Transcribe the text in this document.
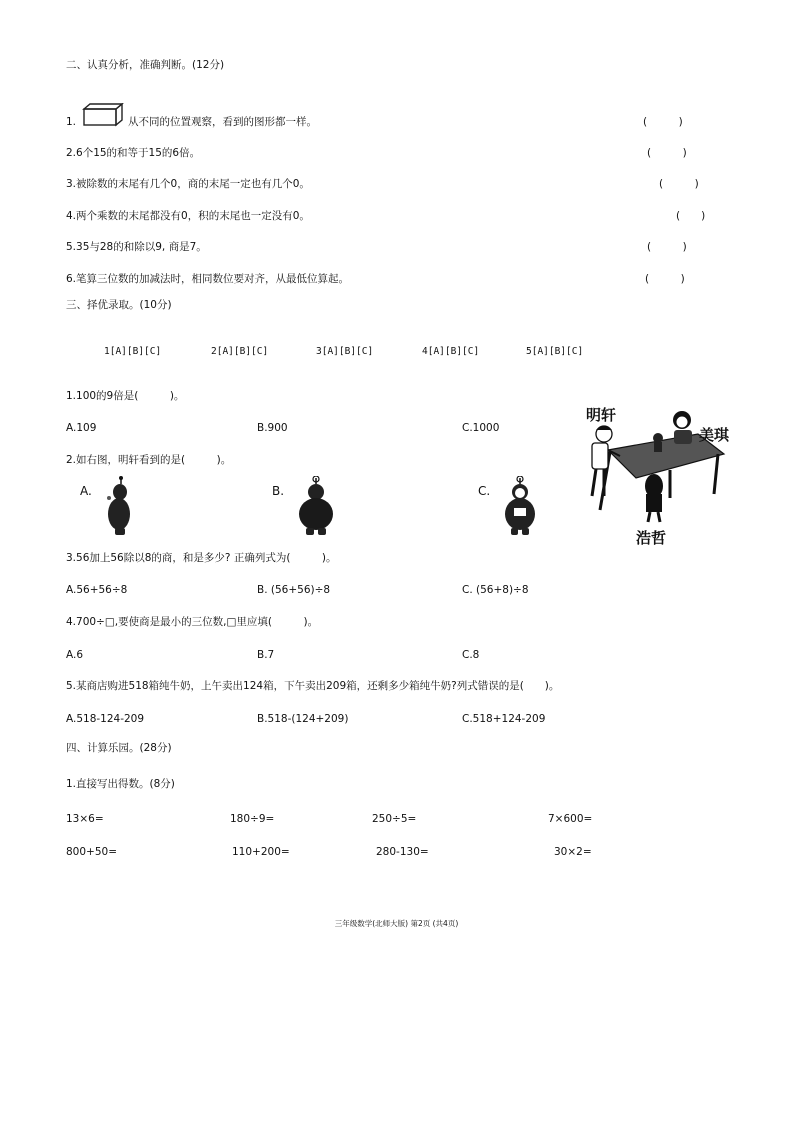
二、认真分析，准确判断。(12分)
1.	从不同的位置观察，看到的图形都一样。	(　　　)
2.6个15的和等于15的6倍。	(　　　)
3.被除数的末尾有几个0，商的末尾一定也有几个0。	(　　　)
4.两个乘数的末尾都没有0，积的末尾也一定没有0。	(　　)
5.35与28的和除以9, 商是7。	(　　　)
6.笔算三位数的加减法时，相同数位要对齐，从最低位算起。	(　　　)
三、择优录取。(10分)
1[A][B][C]	2[A][B][C]	3[A][B][C]	4[A][B][C]	5[A][B][C]
1.100的9倍是(　　　)。
A.109	B.900	C.1000
明轩
美琪
浩哲
2.如右图，明轩看到的是(　　　)。
A.	B.	C.
3.56加上56除以8的商，和是多少? 正确列式为(　　　)。
A.56+56÷8	B. (56+56)÷8	C. (56+8)÷8
4.700÷□,要使商是最小的三位数,□里应填(　　　)。
A.6	B.7	C.8
5.某商店购进518箱纯牛奶，上午卖出124箱，下午卖出209箱，还剩多少箱纯牛奶?列式错误的是(　　)。
A.518-124-209	B.518-(124+209)	C.518+124-209
四、计算乐园。(28分)
1.直接写出得数。(8分)
13×6=	180÷9=	250÷5=	7×600=
800+50=	110+200=	280-130=	30×2=
三年级数学(北师大版) 第2页 (共4页)
